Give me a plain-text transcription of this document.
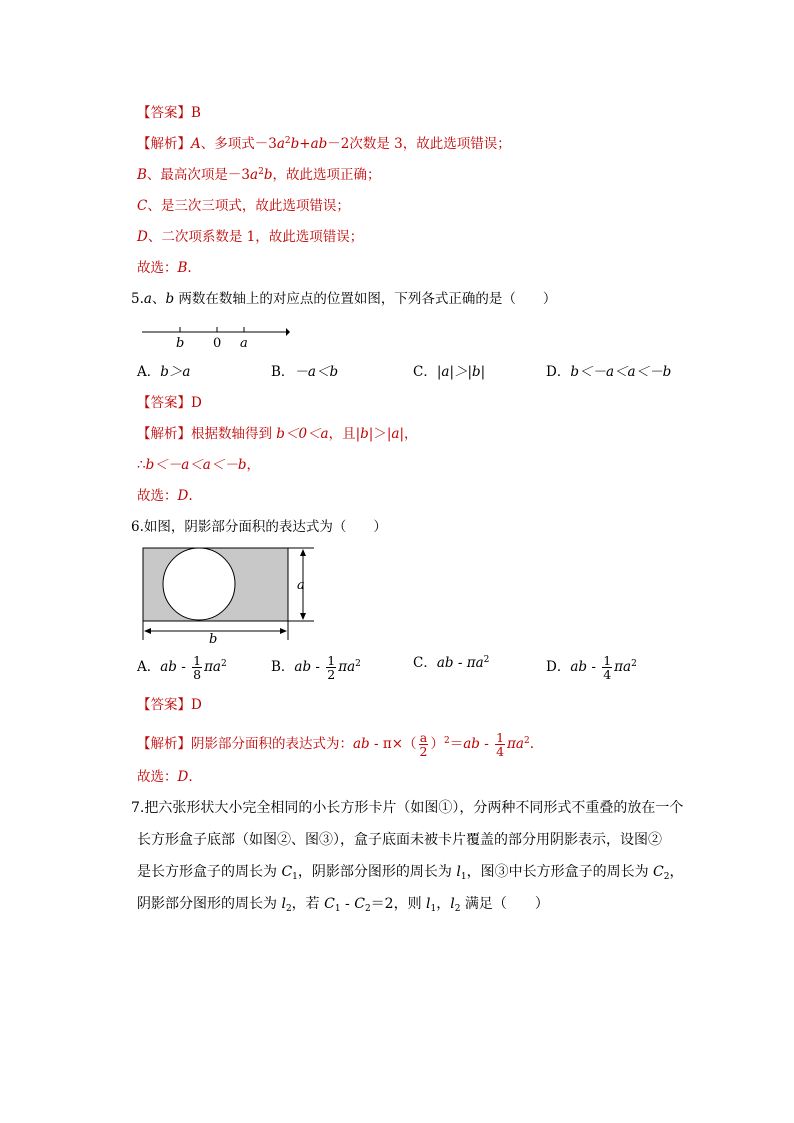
【答案】B
【解析】A、多项式$-3a^2b+ab-2$次数是 3，故此选项错误；
B、最高次项是$-3a^2b$，故此选项正确；
C、是三次三项式，故此选项错误；
D、二次项系数是 1，故此选项错误；
故选：B.
5.a、b 两数在数轴上的对应点的位置如图，下列各式正确的是（　　）
b 0 a
A．b＞a	B．－a＜b	C．|a|＞|b|	D．b＜－a＜a＜－b
【答案】D
【解析】根据数轴得到 b＜0＜a，且|b|＞|a|，
∴b＜－a＜a＜－b，
故选：D.
6.如图，阴影部分面积的表达式为（　　）
a
b
A．ab - $\frac{1}{8} \pi a^2$	B．ab - $\frac{1}{2} \pi a^2$	C．ab - $\pi a^2$	D．ab - $\frac{1}{4} \pi a^2$
【答案】D
【解析】阴影部分面积的表达式为：ab - $\pi\times( \frac{a}{2} )^2=ab - \frac{1}{4} \pi a^2$.
故选：D.
7.把六张形状大小完全相同的小长方形卡片（如图①），分两种不同形式不重叠的放在一个
长方形盒子底部（如图②、图③），盒子底面未被卡片覆盖的部分用阴影表示，设图②
是长方形盒子的周长为 $C_1$，阴影部分图形的周长为 $l_1$，图③中长方形盒子的周长为 $C_2$，
阴影部分图形的周长为 $l_2$，若 $C_1 - C_2=2$，则 $l_1$，$l_2$ 满足（　　）
